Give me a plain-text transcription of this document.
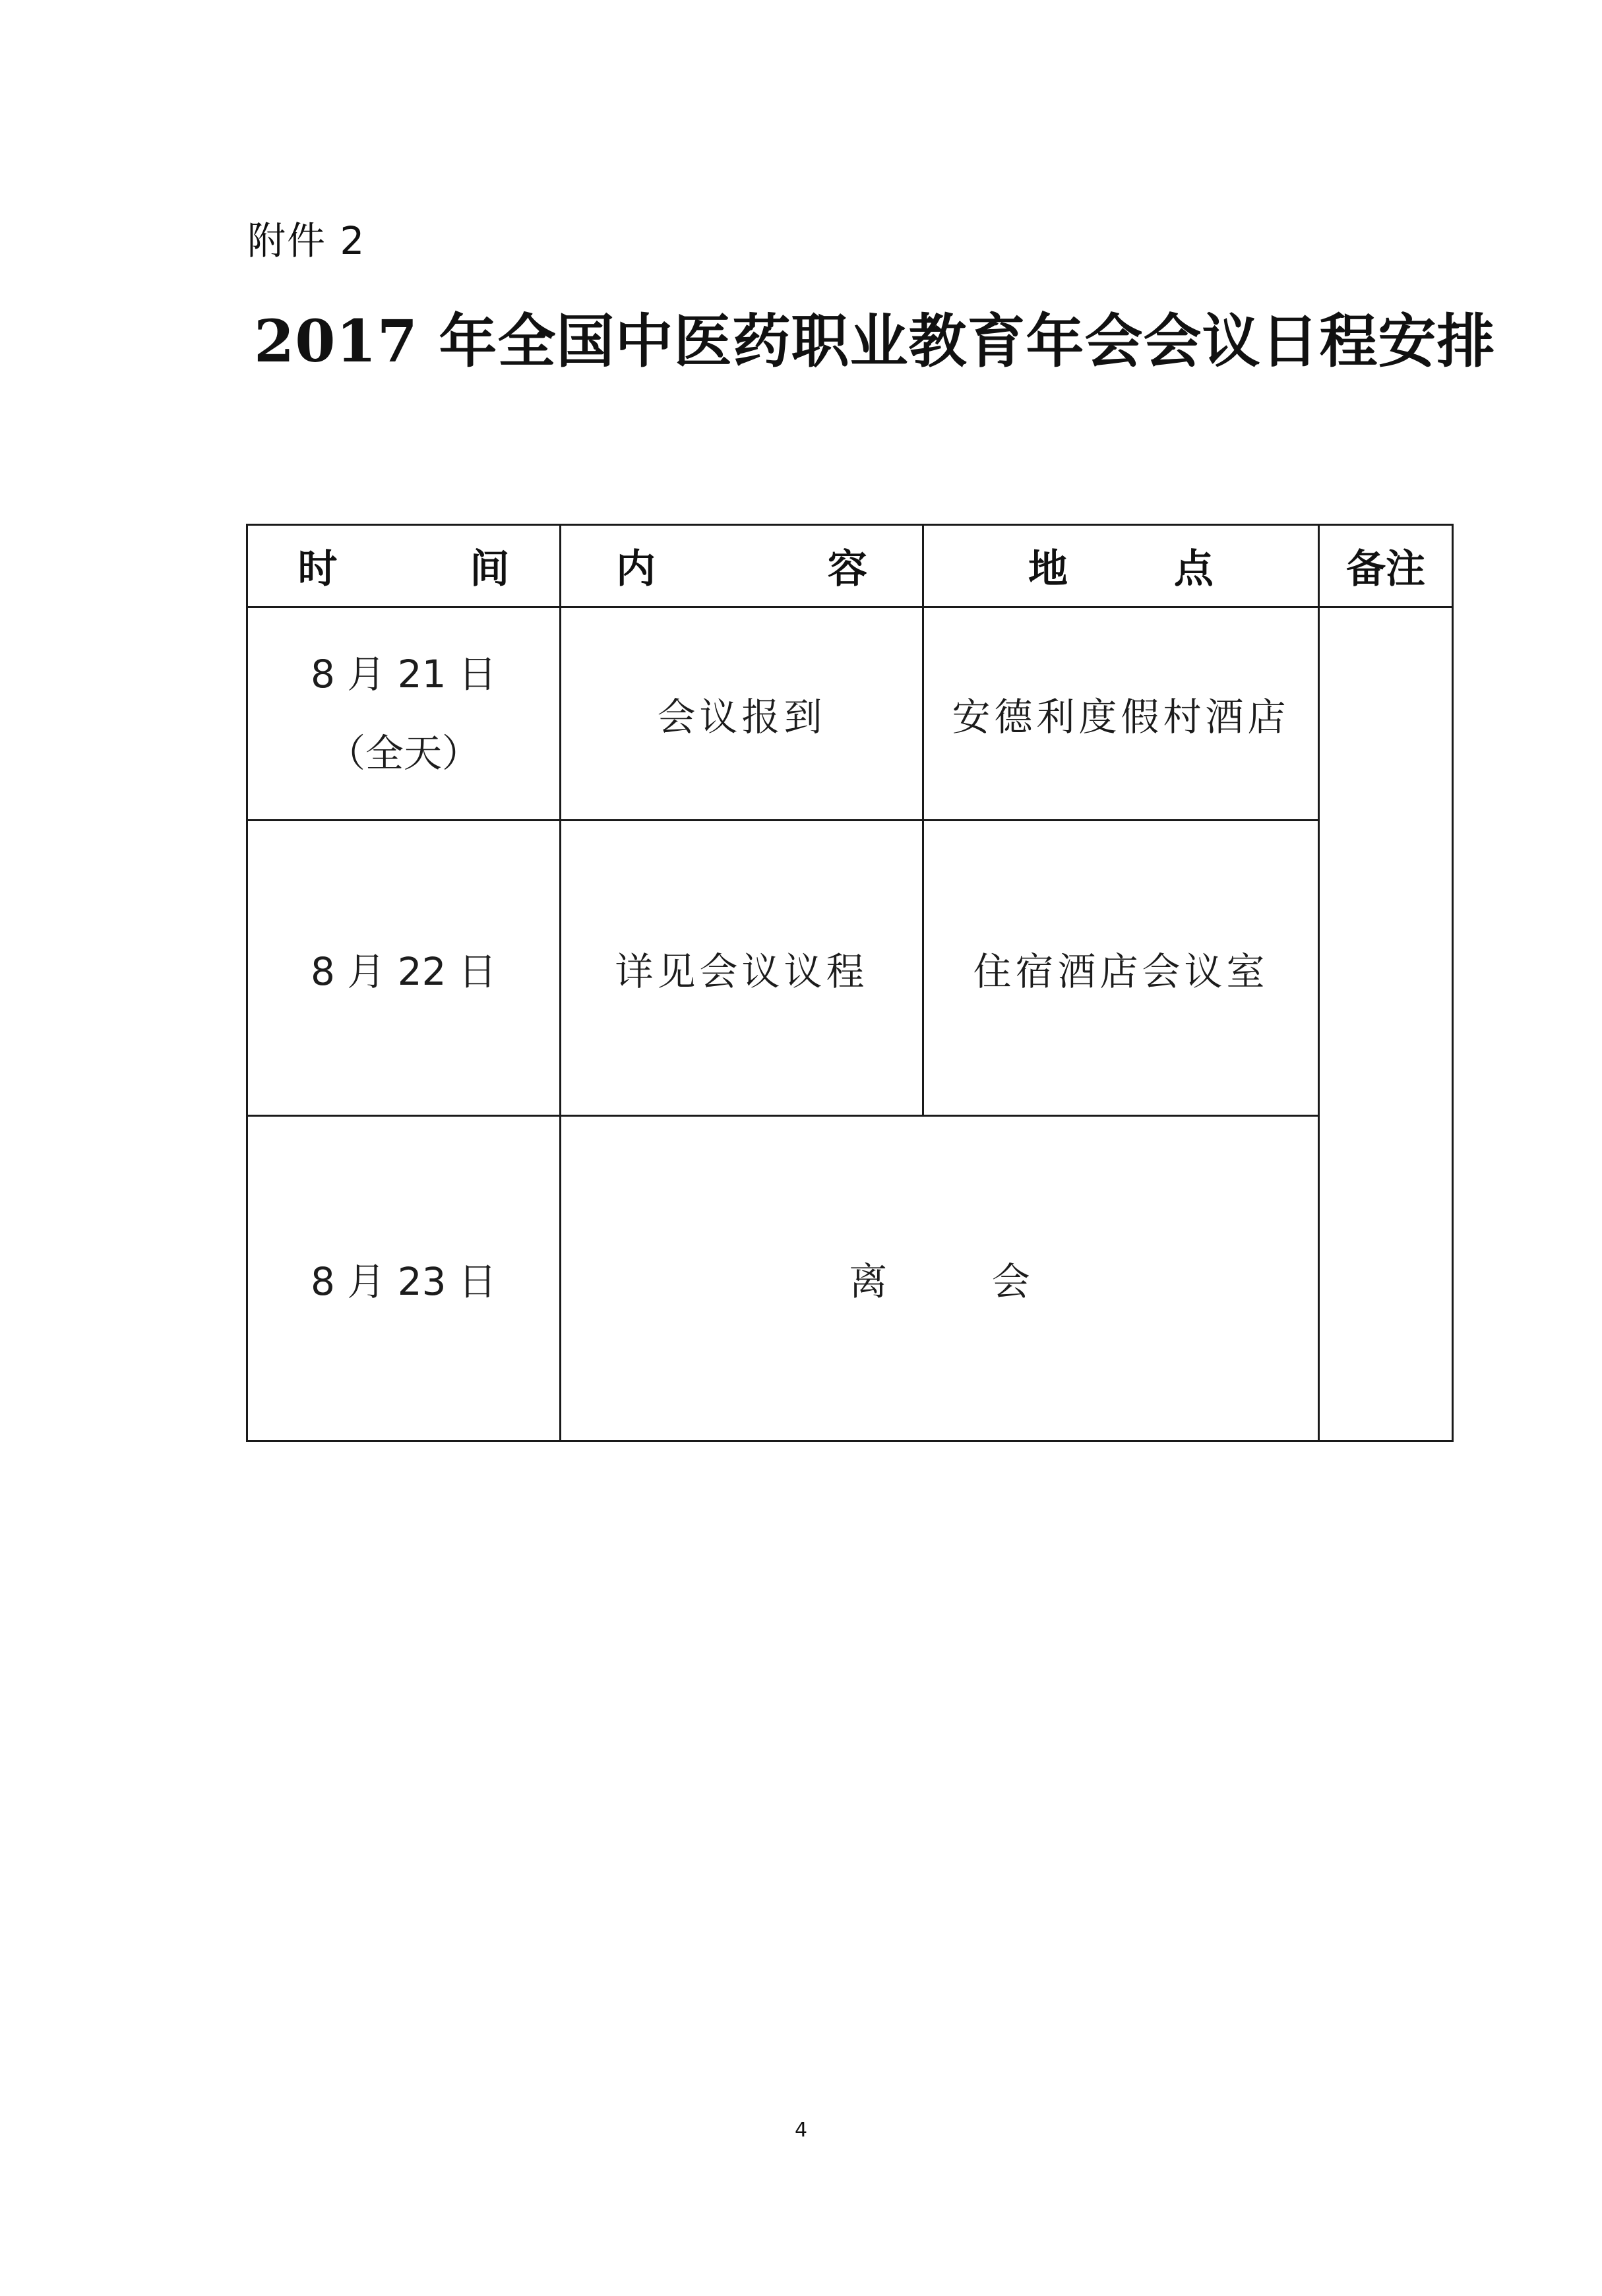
附件 2
2017 年全国中医药职业教育年会会议日程安排
时 间	内 容	地 点	备注

8 月 21 日
（全天）	会议报到	安德利度假村酒店	
8 月 22 日	详见会议议程	住宿酒店会议室	
8 月 23 日	离 会		
4
